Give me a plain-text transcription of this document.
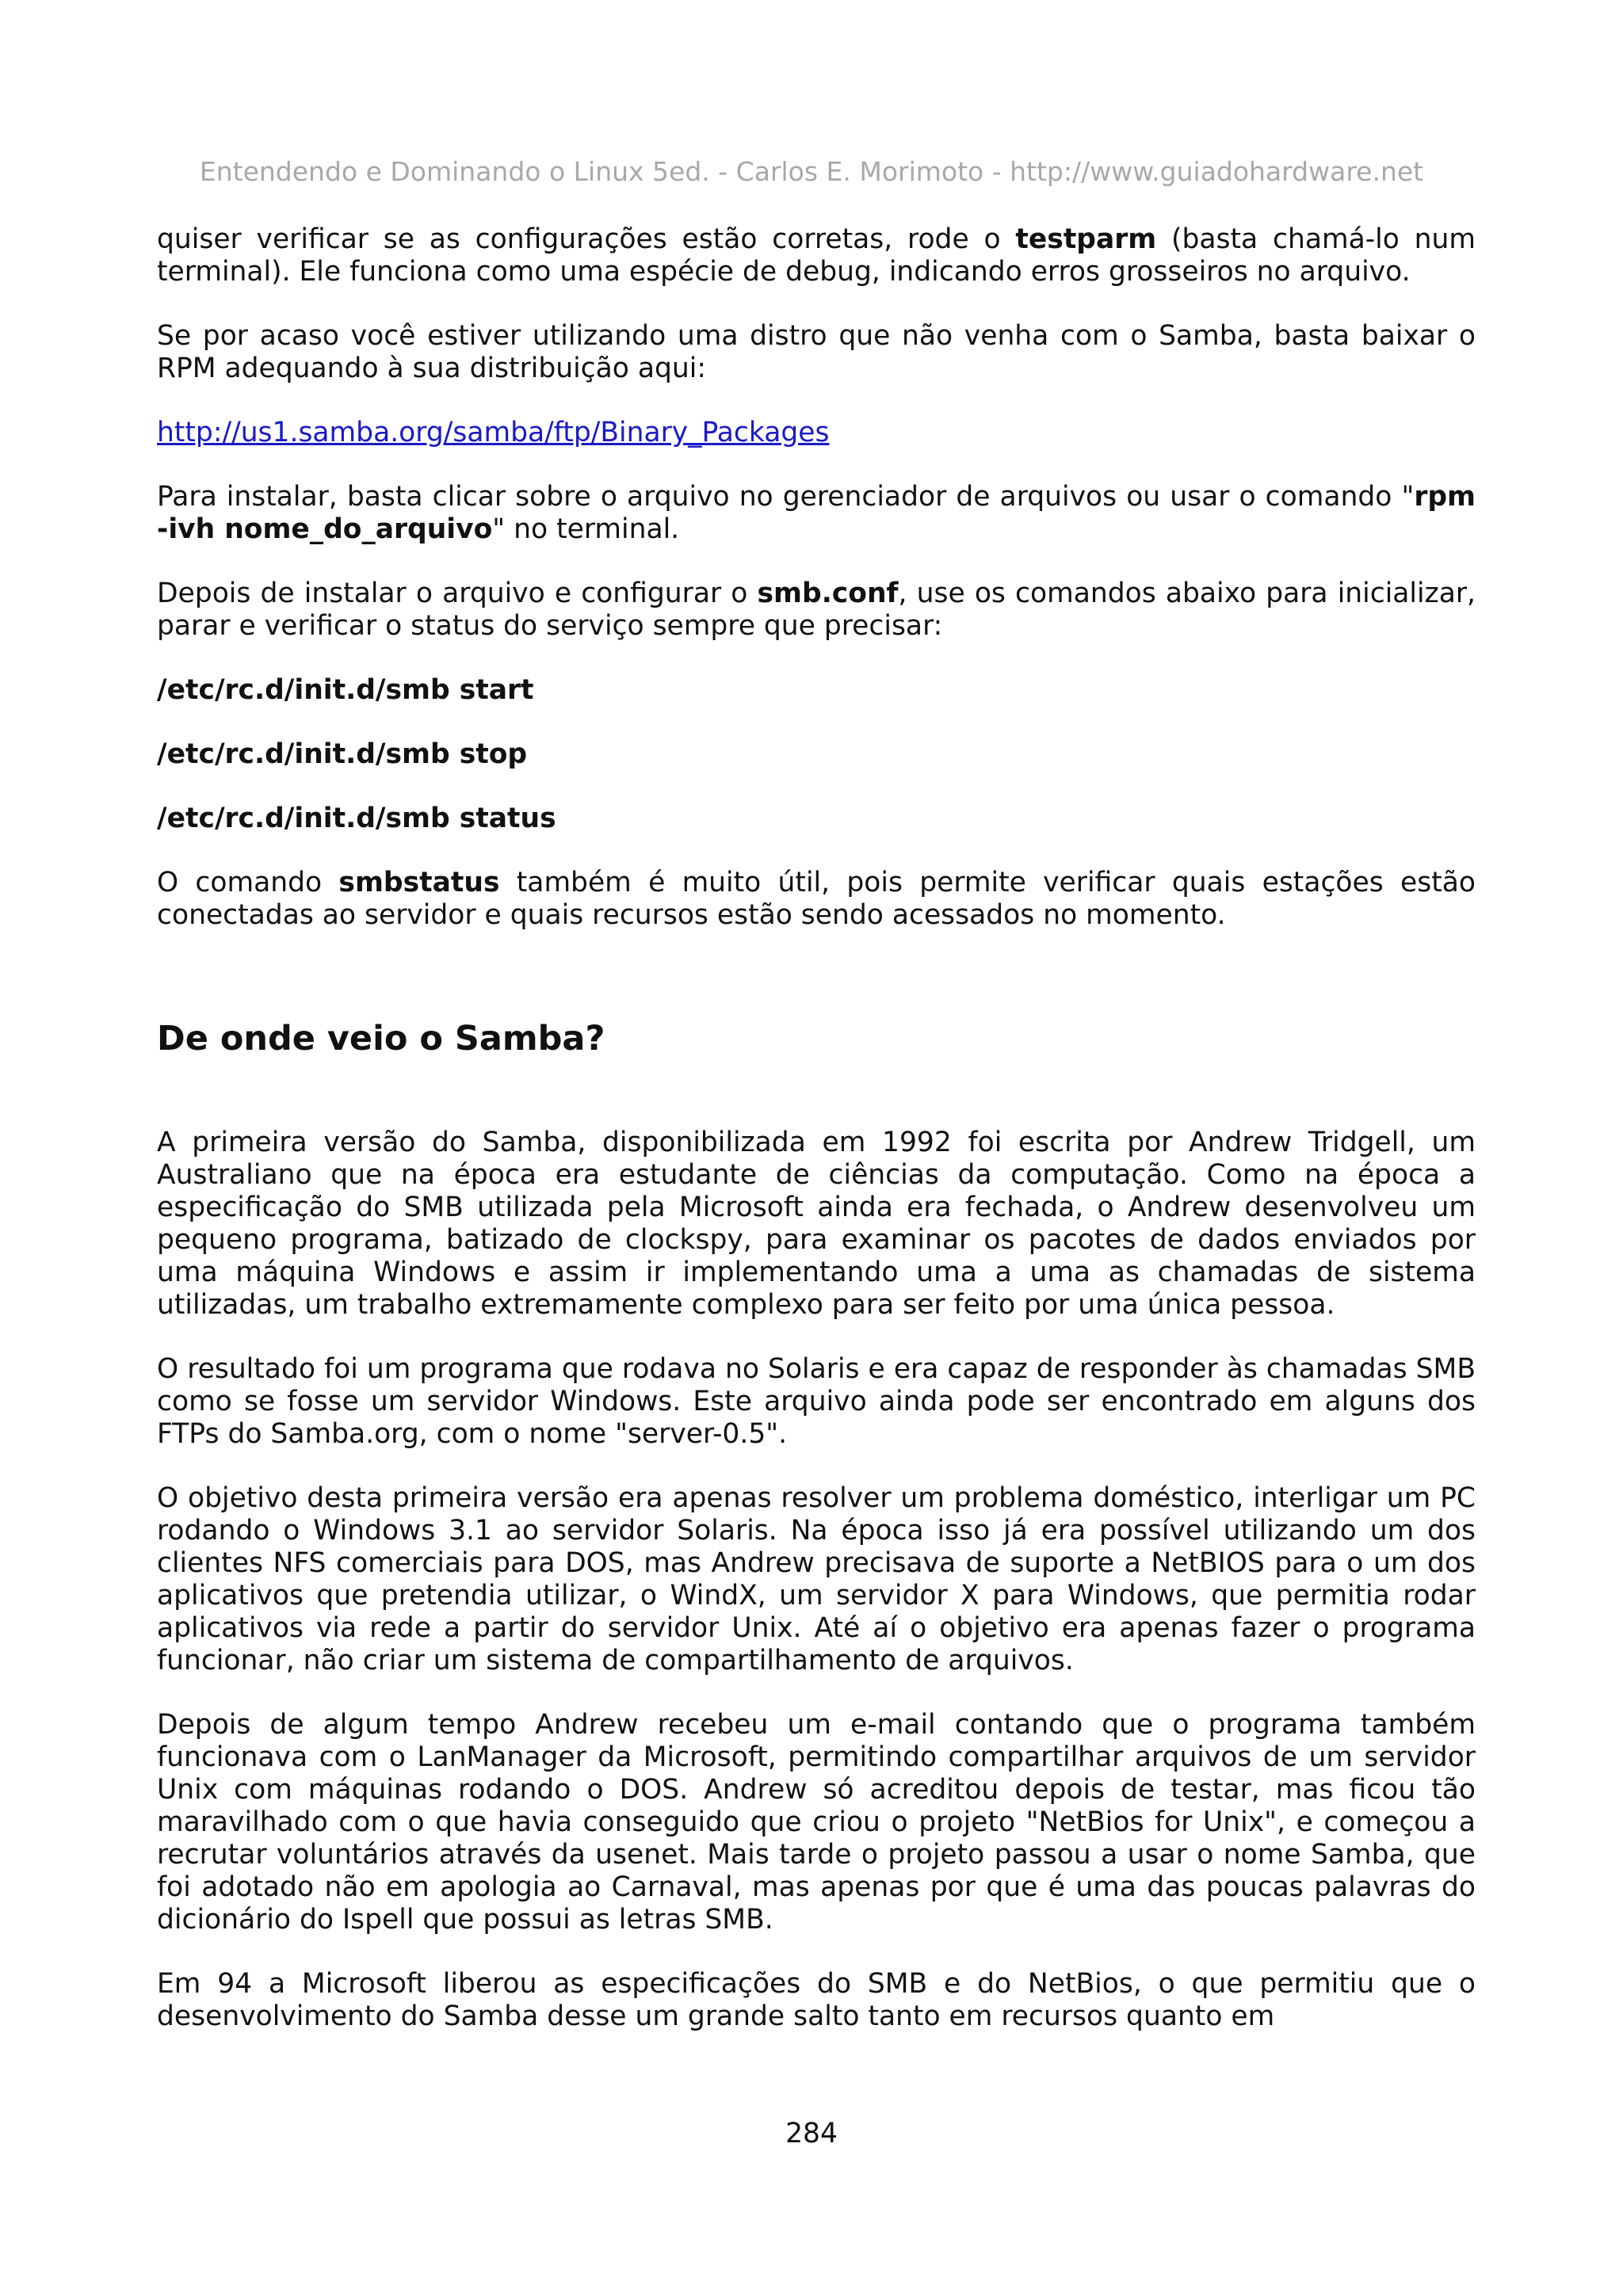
Entendendo e Dominando o Linux 5ed. - Carlos E. Morimoto - http://www.guiadohardware.net

quiser verificar se as configurações estão corretas, rode o testparm (basta chamá-lo num terminal). Ele funciona como uma espécie de debug, indicando erros grosseiros no arquivo.

Se por acaso você estiver utilizando uma distro que não venha com o Samba, basta baixar o RPM adequando à sua distribuição aqui:

http://us1.samba.org/samba/ftp/Binary_Packages

Para instalar, basta clicar sobre o arquivo no gerenciador de arquivos ou usar o comando "rpm -ivh nome_do_arquivo" no terminal.

Depois de instalar o arquivo e configurar o smb.conf, use os comandos abaixo para inicializar, parar e verificar o status do serviço sempre que precisar:

/etc/rc.d/init.d/smb start

/etc/rc.d/init.d/smb stop

/etc/rc.d/init.d/smb status

O comando smbstatus também é muito útil, pois permite verificar quais estações estão conectadas ao servidor e quais recursos estão sendo acessados no momento.

De onde veio o Samba?

A primeira versão do Samba, disponibilizada em 1992 foi escrita por Andrew Tridgell, um Australiano que na época era estudante de ciências da computação. Como na época a especificação do SMB utilizada pela Microsoft ainda era fechada, o Andrew desenvolveu um pequeno programa, batizado de clockspy, para examinar os pacotes de dados enviados por uma máquina Windows e assim ir implementando uma a uma as chamadas de sistema utilizadas, um trabalho extremamente complexo para ser feito por uma única pessoa.

O resultado foi um programa que rodava no Solaris e era capaz de responder às chamadas SMB como se fosse um servidor Windows. Este arquivo ainda pode ser encontrado em alguns dos FTPs do Samba.org, com o nome "server-0.5".

O objetivo desta primeira versão era apenas resolver um problema doméstico, interligar um PC rodando o Windows 3.1 ao servidor Solaris. Na época isso já era possível utilizando um dos clientes NFS comerciais para DOS, mas Andrew precisava de suporte a NetBIOS para o um dos aplicativos que pretendia utilizar, o WindX, um servidor X para Windows, que permitia rodar aplicativos via rede a partir do servidor Unix. Até aí o objetivo era apenas fazer o programa funcionar, não criar um sistema de compartilhamento de arquivos.

Depois de algum tempo Andrew recebeu um e-mail contando que o programa também funcionava com o LanManager da Microsoft, permitindo compartilhar arquivos de um servidor Unix com máquinas rodando o DOS. Andrew só acreditou depois de testar, mas ficou tão maravilhado com o que havia conseguido que criou o projeto "NetBios for Unix", e começou a recrutar voluntários através da usenet. Mais tarde o projeto passou a usar o nome Samba, que foi adotado não em apologia ao Carnaval, mas apenas por que é uma das poucas palavras do dicionário do Ispell que possui as letras SMB.

Em 94 a Microsoft liberou as especificações do SMB e do NetBios, o que permitiu que o desenvolvimento do Samba desse um grande salto tanto em recursos quanto em

284
